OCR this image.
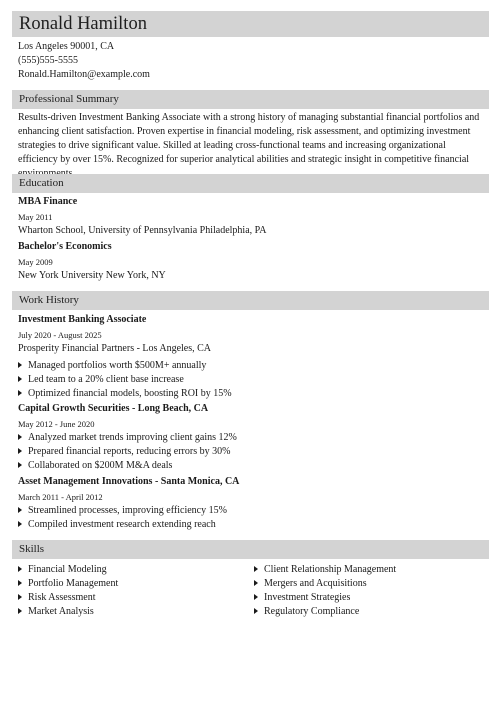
Ronald Hamilton
Los Angeles 90001, CA
(555)555-5555
Ronald.Hamilton@example.com
Professional Summary
Results-driven Investment Banking Associate with a strong history of managing substantial financial portfolios and enhancing client satisfaction. Proven expertise in financial modeling, risk assessment, and optimizing investment strategies to drive significant value. Skilled at leading cross-functional teams and increasing organizational efficiency by over 15%. Recognized for superior analytical abilities and strategic insight in competitive financial
Education
MBA Finance
May 2011
Wharton School, University of Pennsylvania Philadelphia, PA
Bachelor's Economics
May 2009
New York University New York, NY
Work History
Investment Banking Associate
July 2020 - August 2025
Prosperity Financial Partners - Los Angeles, CA
Managed portfolios worth $500M+ annually
Led team to a 20% client base increase
Optimized financial models, boosting ROI by 15%
Capital Growth Securities - Long Beach, CA
May 2012 - June 2020
Analyzed market trends improving client gains 12%
Prepared financial reports, reducing errors by 30%
Collaborated on $200M M&A deals
Asset Management Innovations - Santa Monica, CA
March 2011 - April 2012
Streamlined processes, improving efficiency 15%
Compiled investment research extending reach
Skills
Financial Modeling
Portfolio Management
Risk Assessment
Market Analysis
Client Relationship Management
Mergers and Acquisitions
Investment Strategies
Regulatory Compliance
